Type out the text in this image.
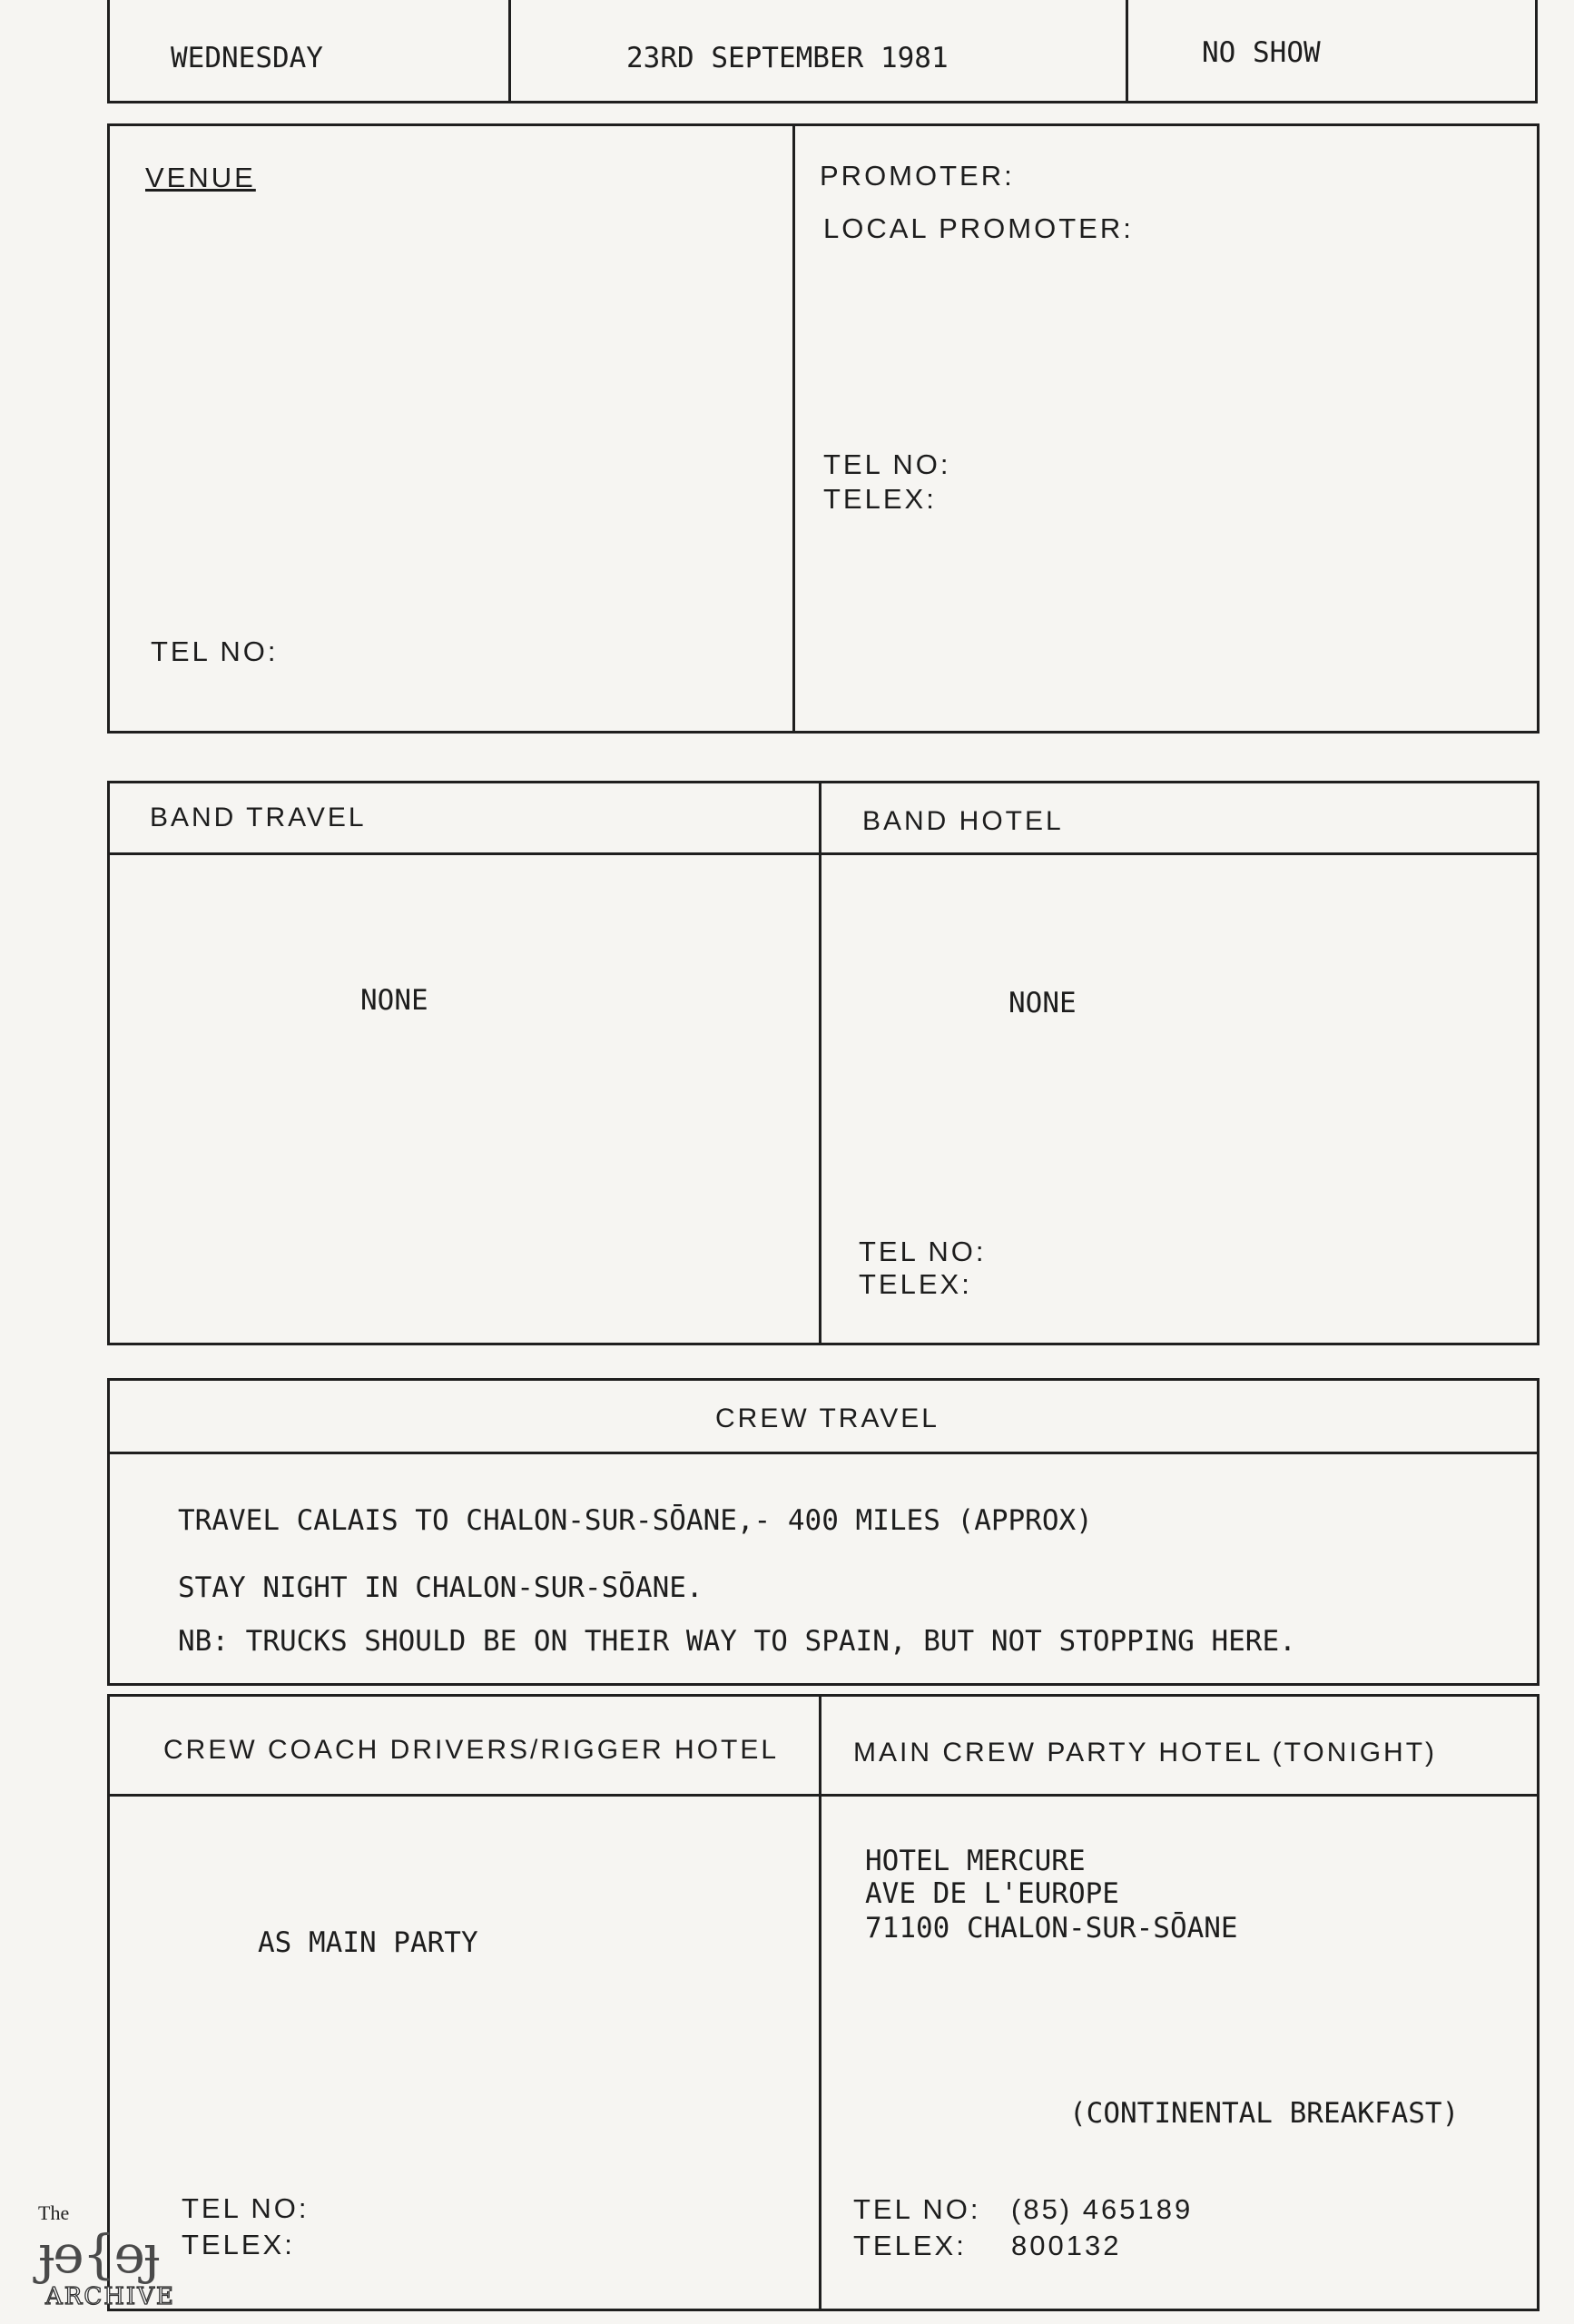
WEDNESDAY	23RD SEPTEMBER 1981	NO SHOW
VENUE
TEL NO:
PROMOTER:
LOCAL PROMOTER:
TEL NO:
TELEX:
BAND TRAVEL
NONE
BAND HOTEL
NONE
TEL NO:
TELEX:
CREW TRAVEL
TRAVEL CALAIS TO CHALON-SUR-SŌANE,- 400 MILES (APPROX)
STAY NIGHT IN CHALON-SUR-SŌANE.
NB: TRUCKS SHOULD BE ON THEIR WAY TO SPAIN, BUT NOT STOPPING HERE.
CREW COACH DRIVERS/RIGGER HOTEL
AS MAIN PARTY
TEL NO:
TELEX:
MAIN CREW PARTY HOTEL (TONIGHT)
HOTEL MERCURE
AVE DE L'EUROPE
71100 CHALON-SUR-SŌANE
(CONTINENTAL BREAKFAST)
TEL NO: (85) 465189
TELEX: 800132
The
ɟɘ{ɘɟ
ARCHIVE
